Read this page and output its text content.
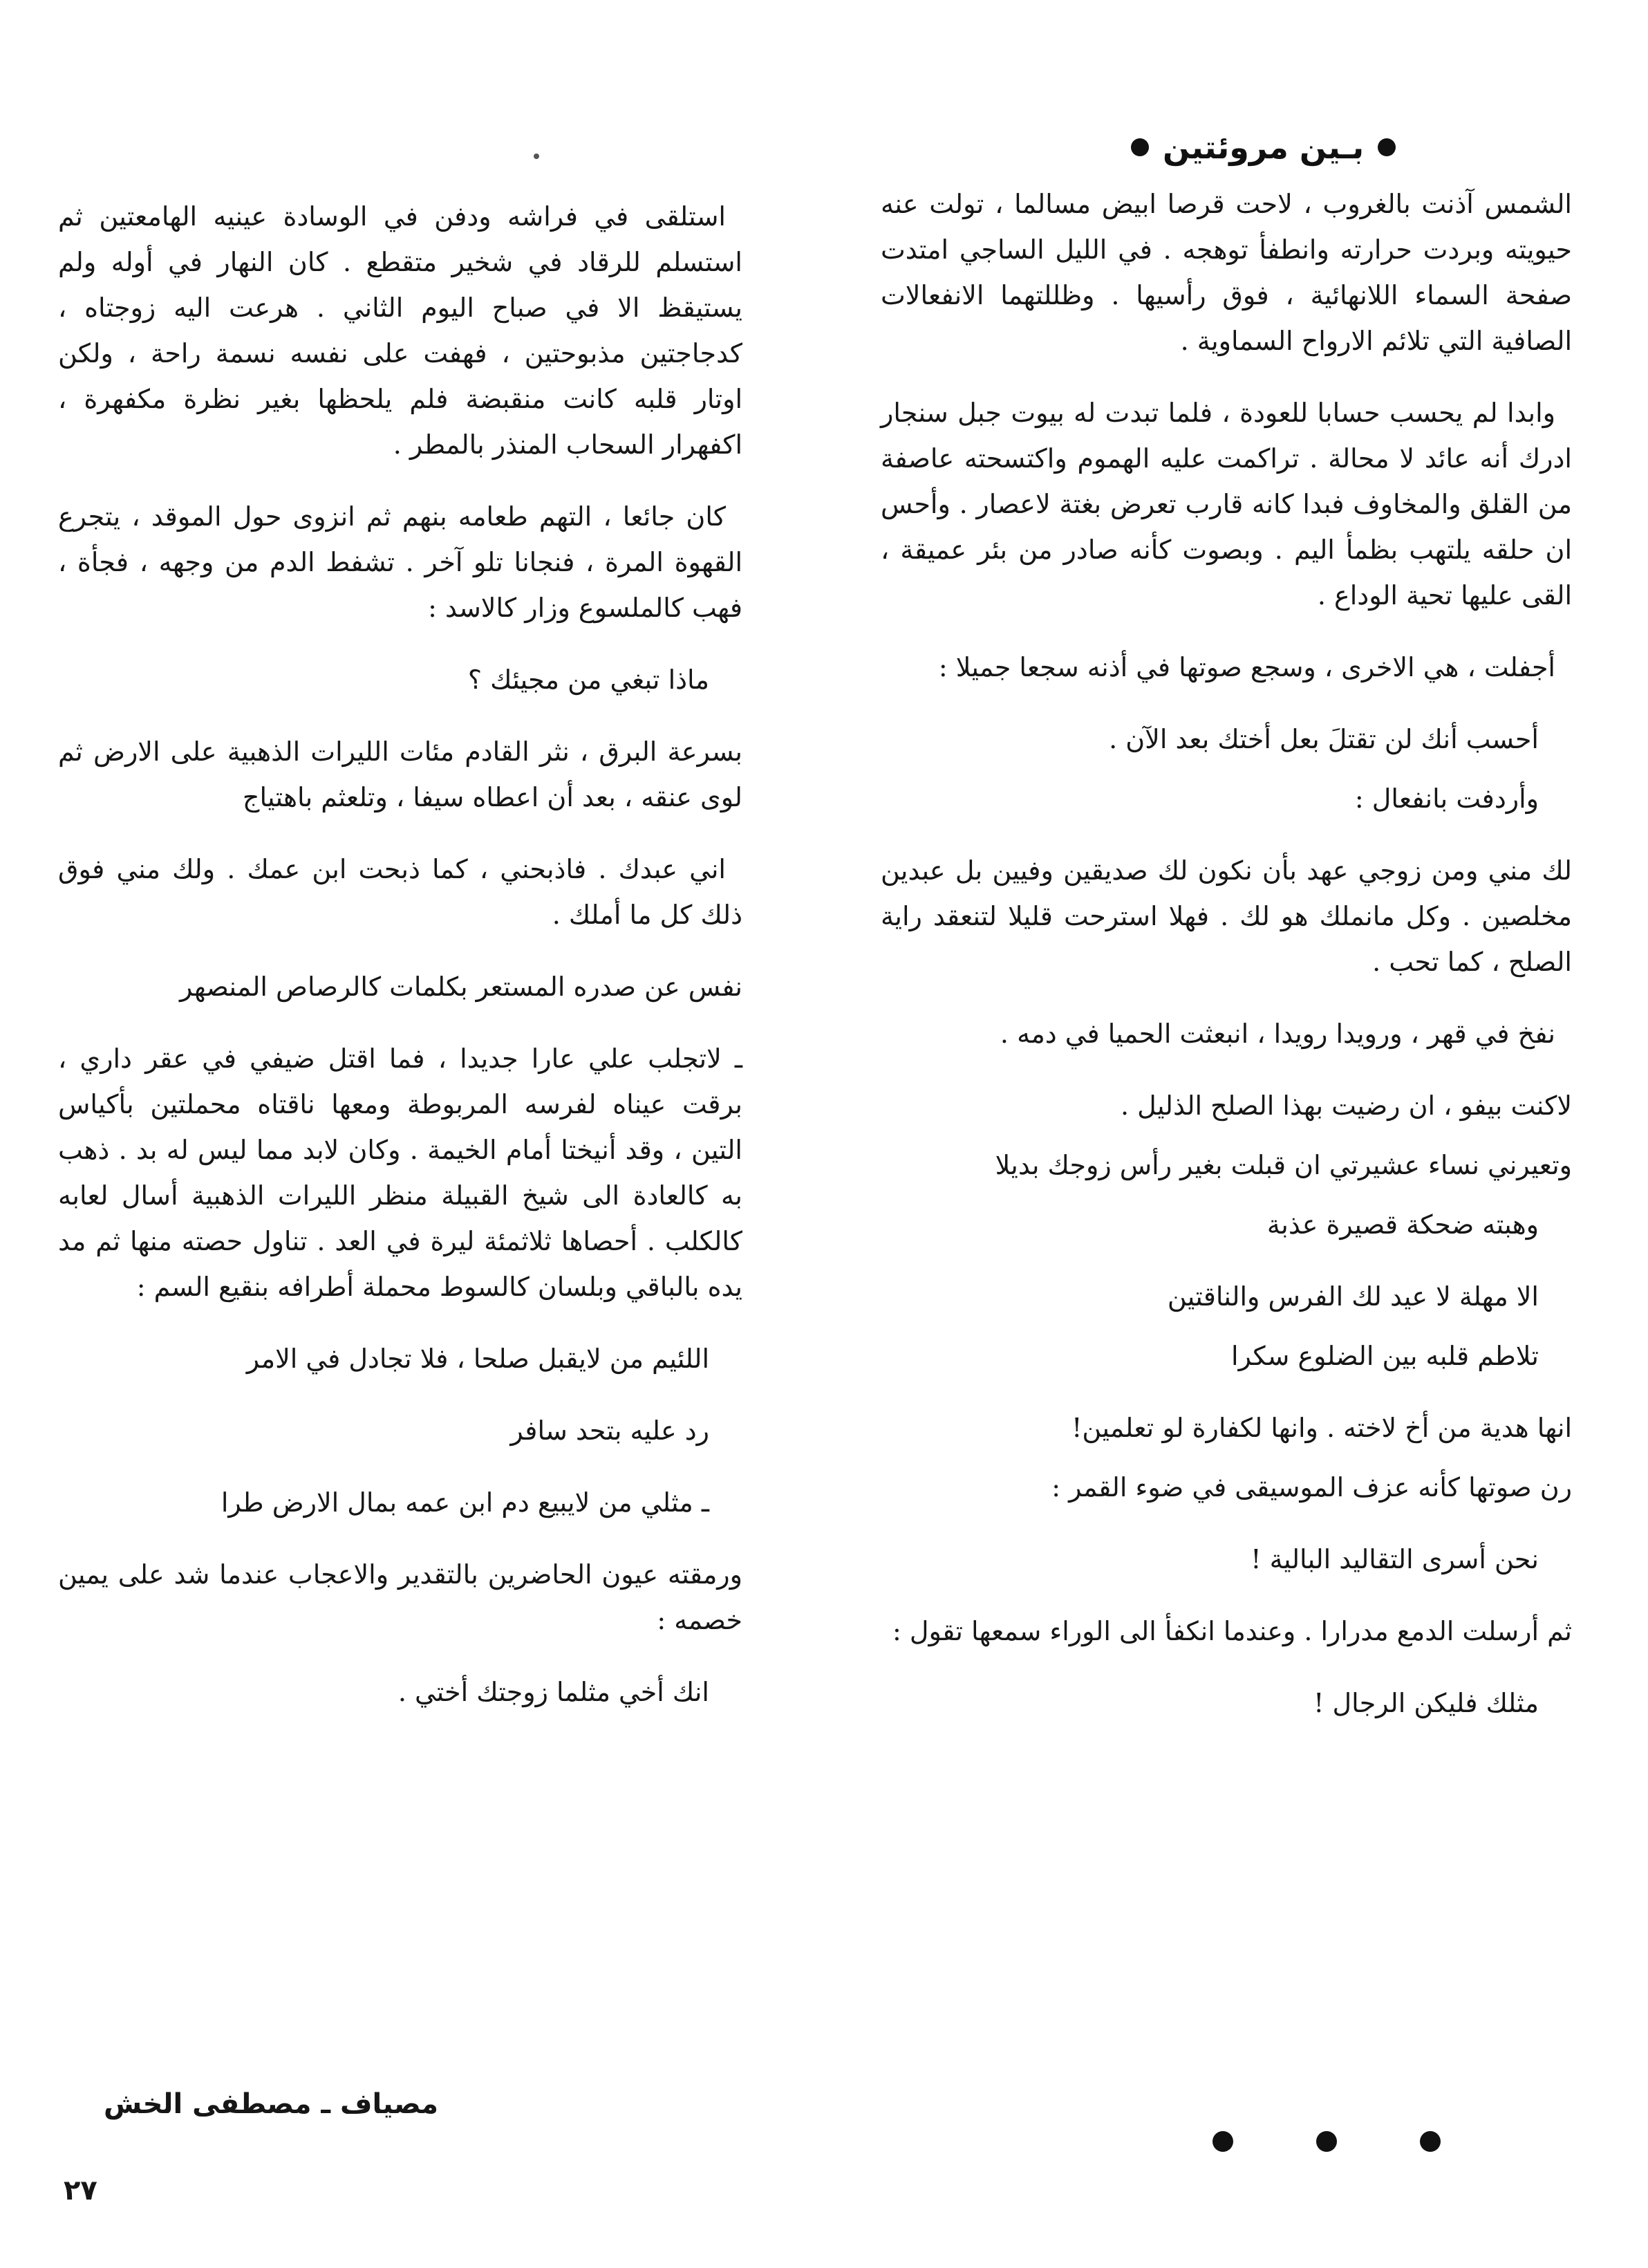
بـين مروئتين

الشمس آذنت بالغروب ، لاحت قرصا ابيض مسالما ، تولت عنه حيويته وبردت حرارته وانطفأ توهجه . في الليل الساجي امتدت صفحة السماء اللانهائية ، فوق رأسيها . وظللتهما الانفعالات الصافية التي تلائم الارواح السماوية .

وابدا لم يحسب حسابا للعودة ، فلما تبدت له بيوت جبل سنجار ادرك أنه عائد لا محالة . تراكمت عليه الهموم واكتسحته عاصفة من القلق والمخاوف فبدا كانه قارب تعرض بغتة لاعصار . وأحس ان حلقه يلتهب بظمأ اليم . وبصوت كأنه صادر من بئر عميقة ، القى عليها تحية الوداع .

أجفلت ، هي الاخرى ، وسجع صوتها في أذنه سجعا جميلا :

أحسب أنك لن تقتلَ بعل أختك بعد الآن .

وأردفت بانفعال :

لك مني ومن زوجي عهد بأن نكون لك صديقين وفيين بل عبدين مخلصين . وكل مانملك هو لك . فهلا استرحت قليلا لتنعقد راية الصلح ، كما تحب .

نفخ في قهر ، ورويدا رويدا ، انبعثت الحميا في دمه .

لاكنت بيفو ، ان رضيت بهذا الصلح الذليل .

وتعيرني نساء عشيرتي ان قبلت بغير رأس زوجك بديلا

وهبته ضحكة قصيرة عذبة

الا مهلة لا عيد لك الفرس والناقتين

تلاطم قلبه بين الضلوع سكرا

انها هدية من أخ لاخته . وانها لكفارة لو تعلمين!

رن صوتها كأنه عزف الموسيقى في ضوء القمر :

نحن أسرى التقاليد البالية !

ثم أرسلت الدمع مدرارا . وعندما انكفأ الى الوراء سمعها تقول :

مثلك فليكن الرجال !

استلقى في فراشه ودفن في الوسادة عينيه الهامعتين ثم استسلم للرقاد في شخير متقطع . كان النهار في أوله ولم يستيقظ الا في صباح اليوم الثاني . هرعت اليه زوجتاه ، كدجاجتين مذبوحتين ، فهفت على نفسه نسمة راحة ، ولكن اوتار قلبه كانت منقبضة فلم يلحظها بغير نظرة مكفهرة ، اكفهرار السحاب المنذر بالمطر .

كان جائعا ، التهم طعامه بنهم ثم انزوى حول الموقد ، يتجرع القهوة المرة ، فنجانا تلو آخر . تشفط الدم من وجهه ، فجأة ، فهب كالملسوع وزار كالاسد :

ماذا تبغي من مجيئك ؟

بسرعة البرق ، نثر القادم مئات الليرات الذهبية على الارض ثم لوى عنقه ، بعد أن اعطاه سيفا ، وتلعثم باهتياج

اني عبدك . فاذبحني ، كما ذبحت ابن عمك . ولك مني فوق ذلك كل ما أملك .

نفس عن صدره المستعر بكلمات كالرصاص المنصهر

ـ لاتجلب علي عارا جديدا ، فما اقتل ضيفي في عقر داري ، برقت عيناه لفرسه المربوطة ومعها ناقتاه محملتين بأكياس التين ، وقد أنيختا أمام الخيمة . وكان لابد مما ليس له بد . ذهب به كالعادة الى شيخ القبيلة منظر الليرات الذهبية أسال لعابه كالكلب . أحصاها ثلاثمئة ليرة في العد . تناول حصته منها ثم مد يده بالباقي وبلسان كالسوط محملة أطرافه بنقيع السم :

اللئيم من لايقبل صلحا ، فلا تجادل في الامر

رد عليه بتحد سافر

ـ مثلي من لايبيع دم ابن عمه بمال الارض طرا

ورمقته عيون الحاضرين بالتقدير والاعجاب عندما شد على يمين خصمه :

انك أخي مثلما زوجتك أختي .

مصياف ـ مصطفى الخش
٢٧
